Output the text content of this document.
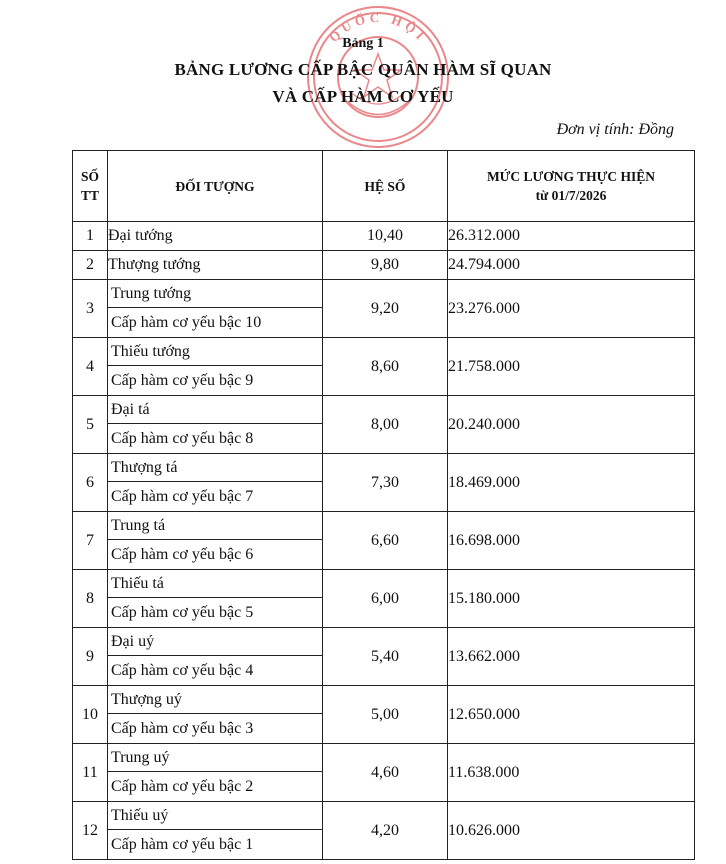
QUỐC HỘI
Bảng 1
BẢNG LƯƠNG CẤP BẬC QUÂN HÀM SĨ QUAN
VÀ CẤP HÀM CƠ YẾU
Đơn vị tính: Đồng
SỐ TT	ĐỐI TƯỢNG	HỆ SỐ	MỨC LƯƠNG THỰC HIỆN
từ 01/7/2026

1	Đại tướng	10,40	26.312.000
2	Thượng tướng	9,80	24.794.000
3	Trung tướng
Cấp hàm cơ yếu bậc 10	9,20	23.276.000
4	Thiếu tướng
Cấp hàm cơ yếu bậc 9	8,60	21.758.000
5	Đại tá
Cấp hàm cơ yếu bậc 8	8,00	20.240.000
6	Thượng tá
Cấp hàm cơ yếu bậc 7	7,30	18.469.000
7	Trung tá
Cấp hàm cơ yếu bậc 6	6,60	16.698.000
8	Thiếu tá
Cấp hàm cơ yếu bậc 5	6,00	15.180.000
9	Đại uý
Cấp hàm cơ yếu bậc 4	5,40	13.662.000
10	Thượng uý
Cấp hàm cơ yếu bậc 3	5,00	12.650.000
11	Trung uý
Cấp hàm cơ yếu bậc 2	4,60	11.638.000
12	Thiếu uý
Cấp hàm cơ yếu bậc 1	4,20	10.626.000
